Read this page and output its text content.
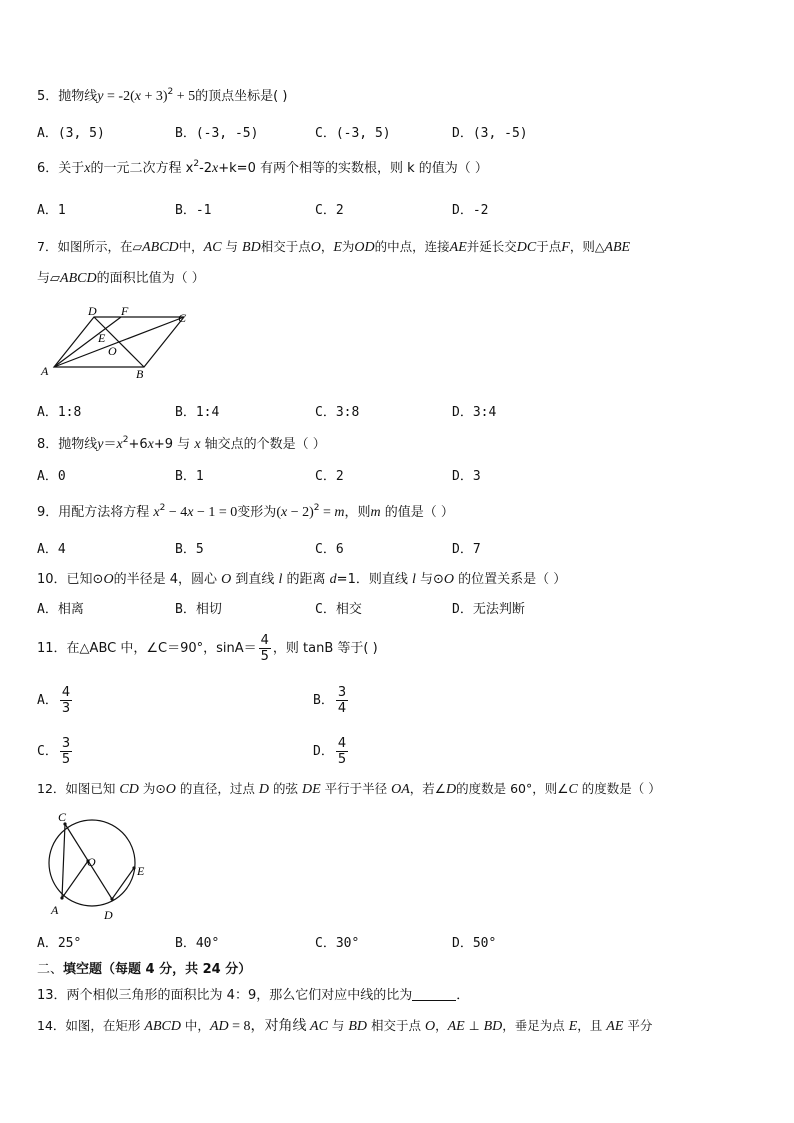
5．抛物线$y = -2(x + 3)^2 + 5$的顶点坐标是( )
A．(3, 5)	B．(-3, -5)	C．(-3, 5)	D．(3, -5)
6．关于x的一元二次方程 $x^2-2x+k=0$ 有两个相等的实数根，则 k 的值为（ ）
A．1	B．-1	C．2	D．-2
7．如图所示，在▱ABCD中，AC 与 BD相交于点O，E为OD的中点，连接AE并延长交DC于点F，则△ABE
与▱ABCD的面积比值为（ ）
D F	C
E
O
A	B
A．1:8	B．1:4	C．3:8	D．3:4
8．抛物线$y=x^2+6x+9$ 与 x 轴交点的个数是（ ）
A．0	B．1	C．2	D．3
9．用配方法将方程 $x^2 - 4x - 1 = 0$变形为$(x - 2)^2 = m$，则m 的值是（ ）
A．4	B．5	C．6	D．7
10．已知⊙O的半径是 4，圆心 O 到直线 l 的距离 d=1．则直线 l 与⊙O 的位置关系是（ ）
A．相离	B．相切	C．相交	D．无法判断
11．在△ABC 中，∠C＝90°，$\sin A= \frac{4}{5}$ ，则 tanB 等于( )
A． $\frac{4}{3}$	B． $\frac{3}{4}$
C． $\frac{3}{5}$	D． $\frac{4}{5}$
12．如图已知 CD 为⊙O 的直径，过点 D 的弦 DE 平行于半径 OA，若∠D的度数是 60°，则∠C 的度数是（ ）
C
O
E
A	D
A．25°	B．40°	C．30°	D．50°
二、填空题（每题 4 分，共 24 分）
13．两个相似三角形的面积比为 4：9，那么它们对应中线的比为	．
14．如图，在矩形 ABCD 中，AD = 8，对角线 AC 与 BD 相交于点 O，AE ⊥ BD，垂足为点 E，且 AE 平分
